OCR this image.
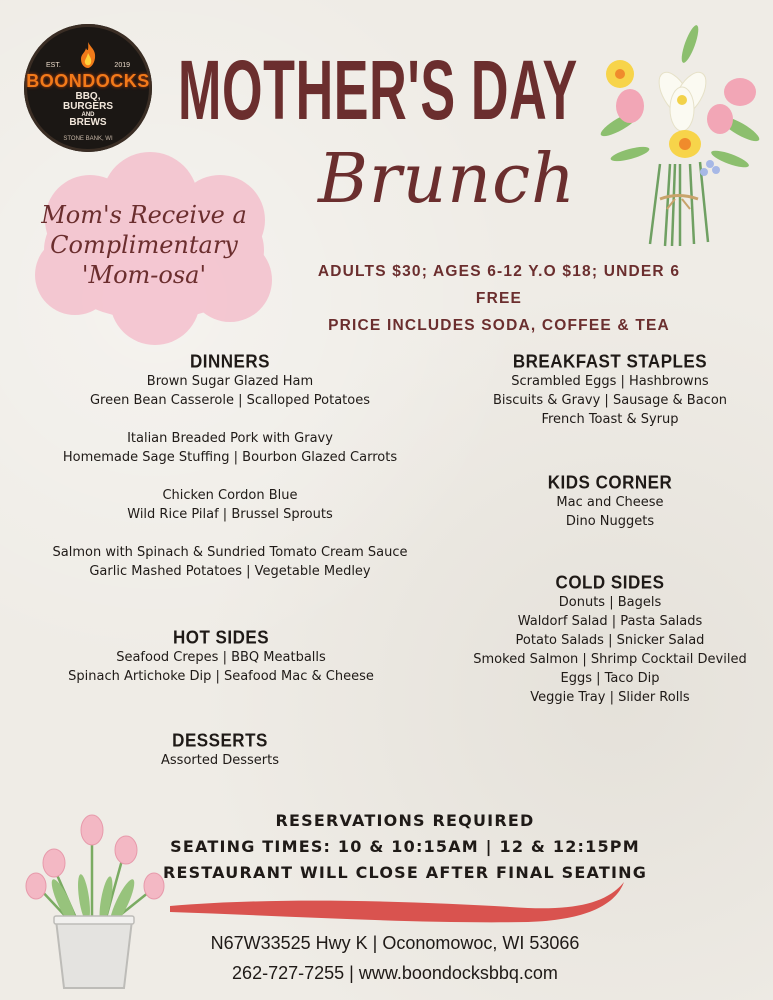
EST.	2019
BOONDOCKS
BBQ,
BURGERS
AND
BREWS
STONE BANK, WI
MOTHER'S DAY
Brunch
Mom's Receive a
Complimentary
'Mom-osa'	ADULTS $30; AGES 6-12 Y.O $18; UNDER 6 FREE
PRICE INCLUDES SODA, COFFEE & TEA
DINNERS

Brown Sugar Glazed Ham

Green Bean Casserole | Scalloped Potatoes

Italian Breaded Pork with Gravy

Homemade Sage Stuffing | Bourbon Glazed Carrots

Chicken Cordon Blue

Wild Rice Pilaf | Brussel Sprouts

Salmon with Spinach & Sundried Tomato Cream Sauce

Garlic Mashed Potatoes | Vegetable Medley

BREAKFAST STAPLES

Scrambled Eggs | Hashbrowns

Biscuits & Gravy | Sausage & Bacon

French Toast & Syrup

KIDS CORNER

Mac and Cheese

Dino Nuggets

COLD SIDES

Donuts | Bagels

Waldorf Salad | Pasta Salads

Potato Salads | Snicker Salad

Smoked Salmon | Shrimp Cocktail Deviled

Eggs | Taco Dip

Veggie Tray | Slider Rolls

HOT SIDES

Seafood Crepes | BBQ Meatballs

Spinach Artichoke Dip | Seafood Mac & Cheese

DESSERTS

Assorted Desserts

RESERVATIONS REQUIRED
SEATING TIMES: 10 & 10:15AM | 12 & 12:15PM
RESTAURANT WILL CLOSE AFTER FINAL SEATING
N67W33525 Hwy K | Oconomowoc, WI 53066
262-727-7255 | www.boondocksbbq.com
